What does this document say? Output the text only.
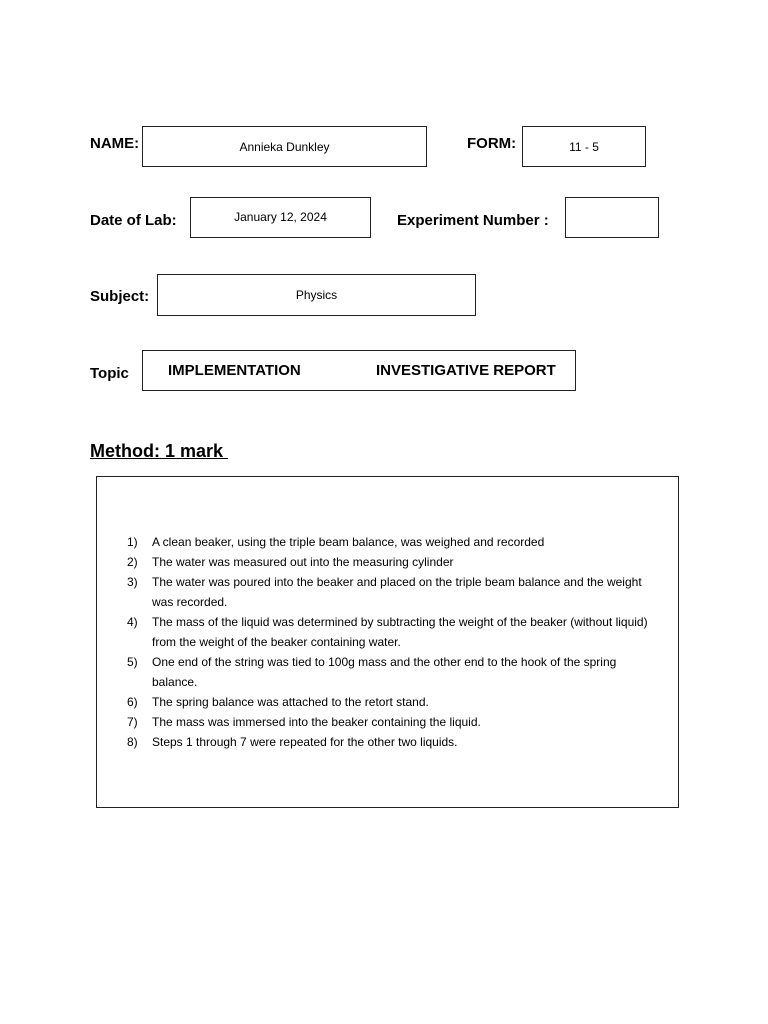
NAME:	Annieka Dunkley	FORM:	11 - 5
Date of Lab:	January 12, 2024	Experiment Number :
Subject:	Physics
Topic	IMPLEMENTATION	INVESTIGATIVE REPORT
Method: 1 mark
1) A clean beaker, using the triple beam balance, was weighed and recorded
2) The water was measured out into the measuring cylinder
3) The water was poured into the beaker and placed on the triple beam balance and the weight was recorded.
4) The mass of the liquid was determined by subtracting the weight of the beaker (without liquid) from the weight of the beaker containing water.
5) One end of the string was tied to 100g mass and the other end to the hook of the spring balance.
6) The spring balance was attached to the retort stand.
7) The mass was immersed into the beaker containing the liquid.
8) Steps 1 through 7 were repeated for the other two liquids.
